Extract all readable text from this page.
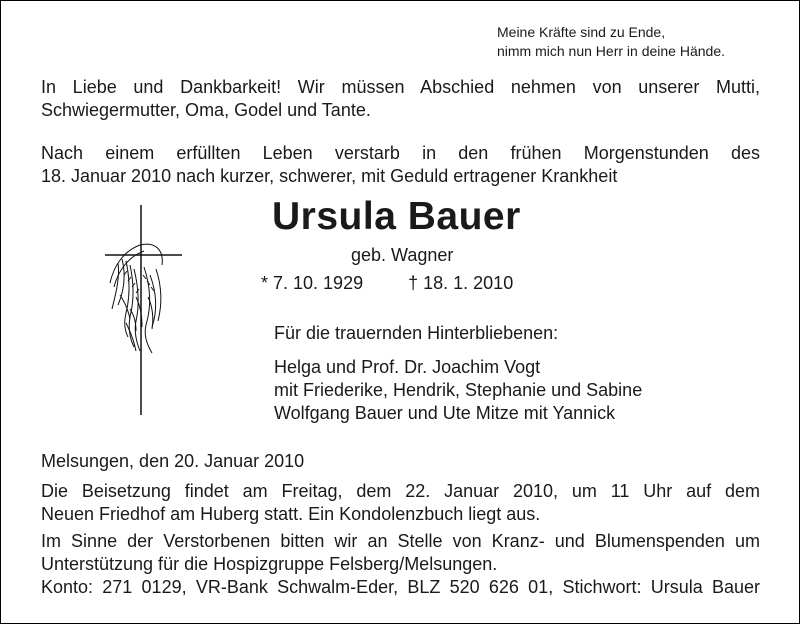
Meine Kräfte sind zu Ende,
nimm mich nun Herr in deine Hände.
In Liebe und Dankbarkeit! Wir müssen Abschied nehmen von unserer Mutti,
Schwiegermutter, Oma, Godel und Tante.
Nach einem erfüllten Leben verstarb in den frühen Morgenstunden des
18. Januar 2010 nach kurzer, schwerer, mit Geduld ertragener Krankheit
Ursula Bauer
geb. Wagner
* 7. 10. 1929	† 18. 1. 2010
Für die trauernden Hinterbliebenen:
Helga und Prof. Dr. Joachim Vogt
mit Friederike, Hendrik, Stephanie und Sabine
Wolfgang Bauer und Ute Mitze mit Yannick
Melsungen, den 20. Januar 2010
Die Beisetzung findet am Freitag, dem 22. Januar 2010, um 11 Uhr auf dem
Neuen Friedhof am Huberg statt. Ein Kondolenzbuch liegt aus.
Im Sinne der Verstorbenen bitten wir an Stelle von Kranz- und Blumenspenden um
Unterstützung für die Hospizgruppe Felsberg/Melsungen.
Konto: 271 0129, VR-Bank Schwalm-Eder, BLZ 520 626 01, Stichwort: Ursula Bauer
